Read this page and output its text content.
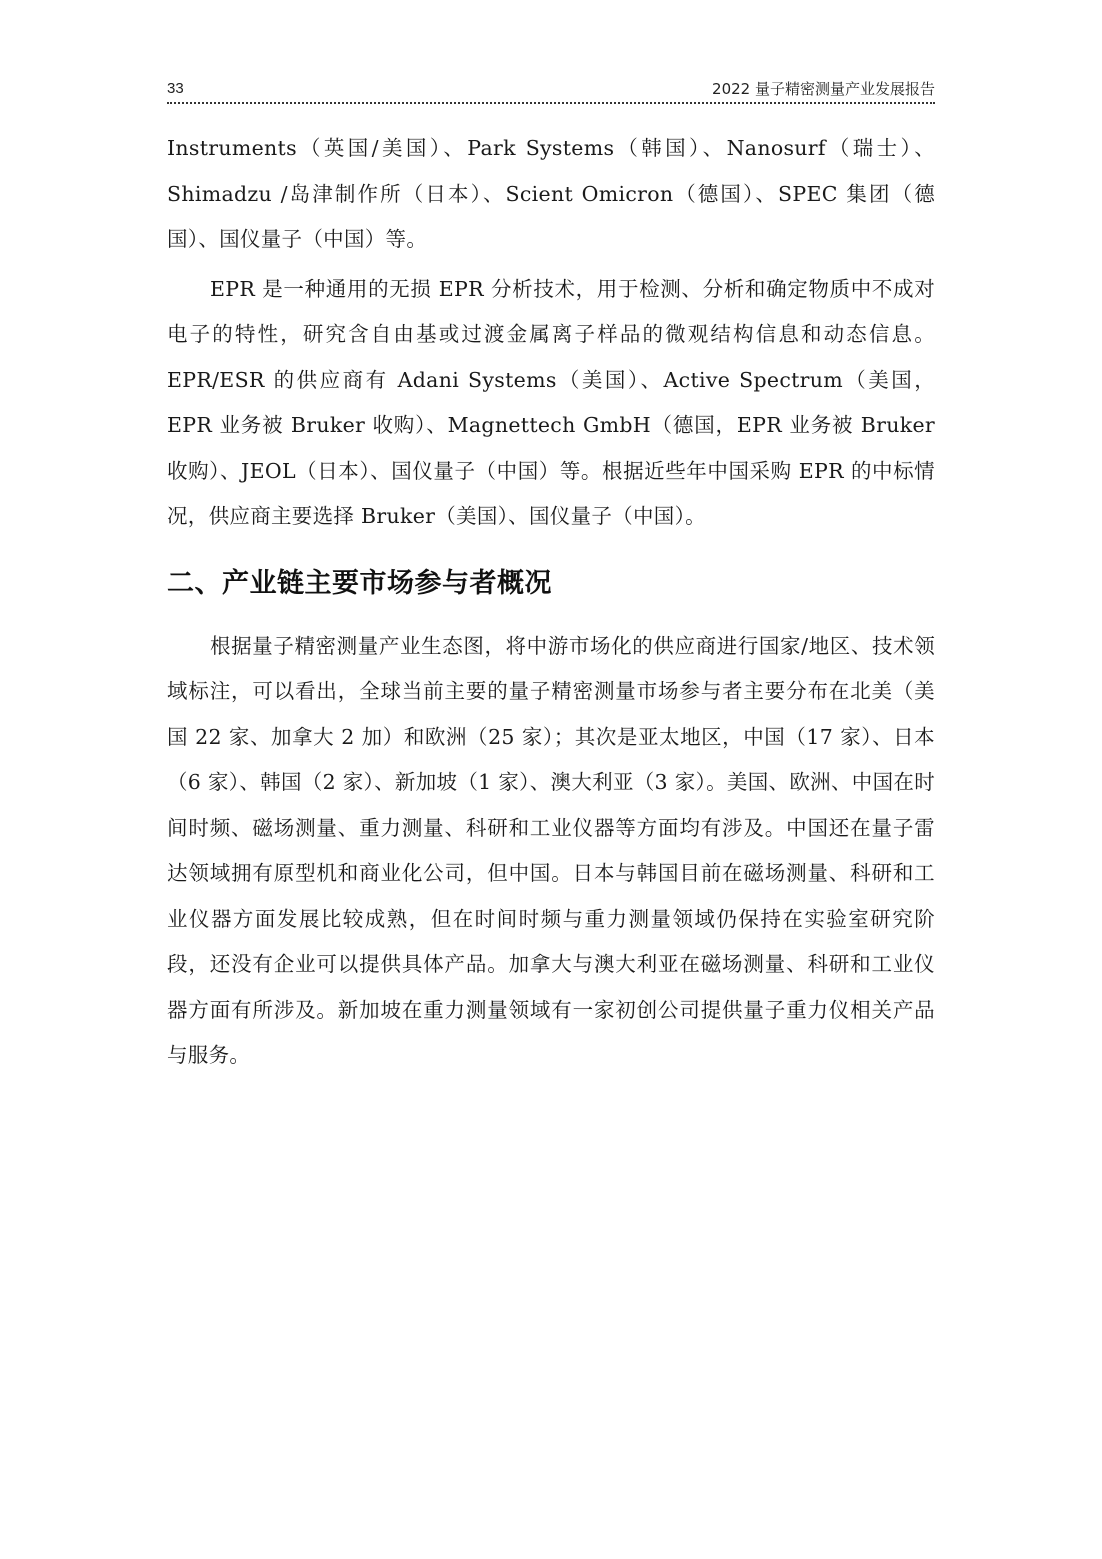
33	2022 量子精密测量产业发展报告

Instruments（英国/美国）、Park Systems（韩国）、Nanosurf（瑞士）、Shimadzu /岛津制作所（日本）、Scient Omicron（德国）、SPEC 集团（德国）、国仪量子（中国）等。

EPR 是一种通用的无损 EPR 分析技术，用于检测、分析和确定物质中不成对电子的特性，研究含自由基或过渡金属离子样品的微观结构信息和动态信息。EPR/ESR 的供应商有 Adani Systems（美国）、Active Spectrum（美国，EPR 业务被 Bruker 收购）、Magnettech GmbH（德国，EPR 业务被 Bruker 收购）、JEOL（日本）、国仪量子（中国）等。根据近些年中国采购 EPR 的中标情况，供应商主要选择 Bruker（美国）、国仪量子（中国）。

二、产业链主要市场参与者概况

根据量子精密测量产业生态图，将中游市场化的供应商进行国家/地区、技术领域标注，可以看出，全球当前主要的量子精密测量市场参与者主要分布在北美（美国 22 家、加拿大 2 加）和欧洲（25 家）；其次是亚太地区，中国（17 家）、日本（6 家）、韩国（2 家）、新加坡（1 家）、澳大利亚（3 家）。美国、欧洲、中国在时间时频、磁场测量、重力测量、科研和工业仪器等方面均有涉及。中国还在量子雷达领域拥有原型机和商业化公司，但中国。日本与韩国目前在磁场测量、科研和工业仪器方面发展比较成熟，但在时间时频与重力测量领域仍保持在实验室研究阶段，还没有企业可以提供具体产品。加拿大与澳大利亚在磁场测量、科研和工业仪器方面有所涉及。新加坡在重力测量领域有一家初创公司提供量子重力仪相关产品与服务。
